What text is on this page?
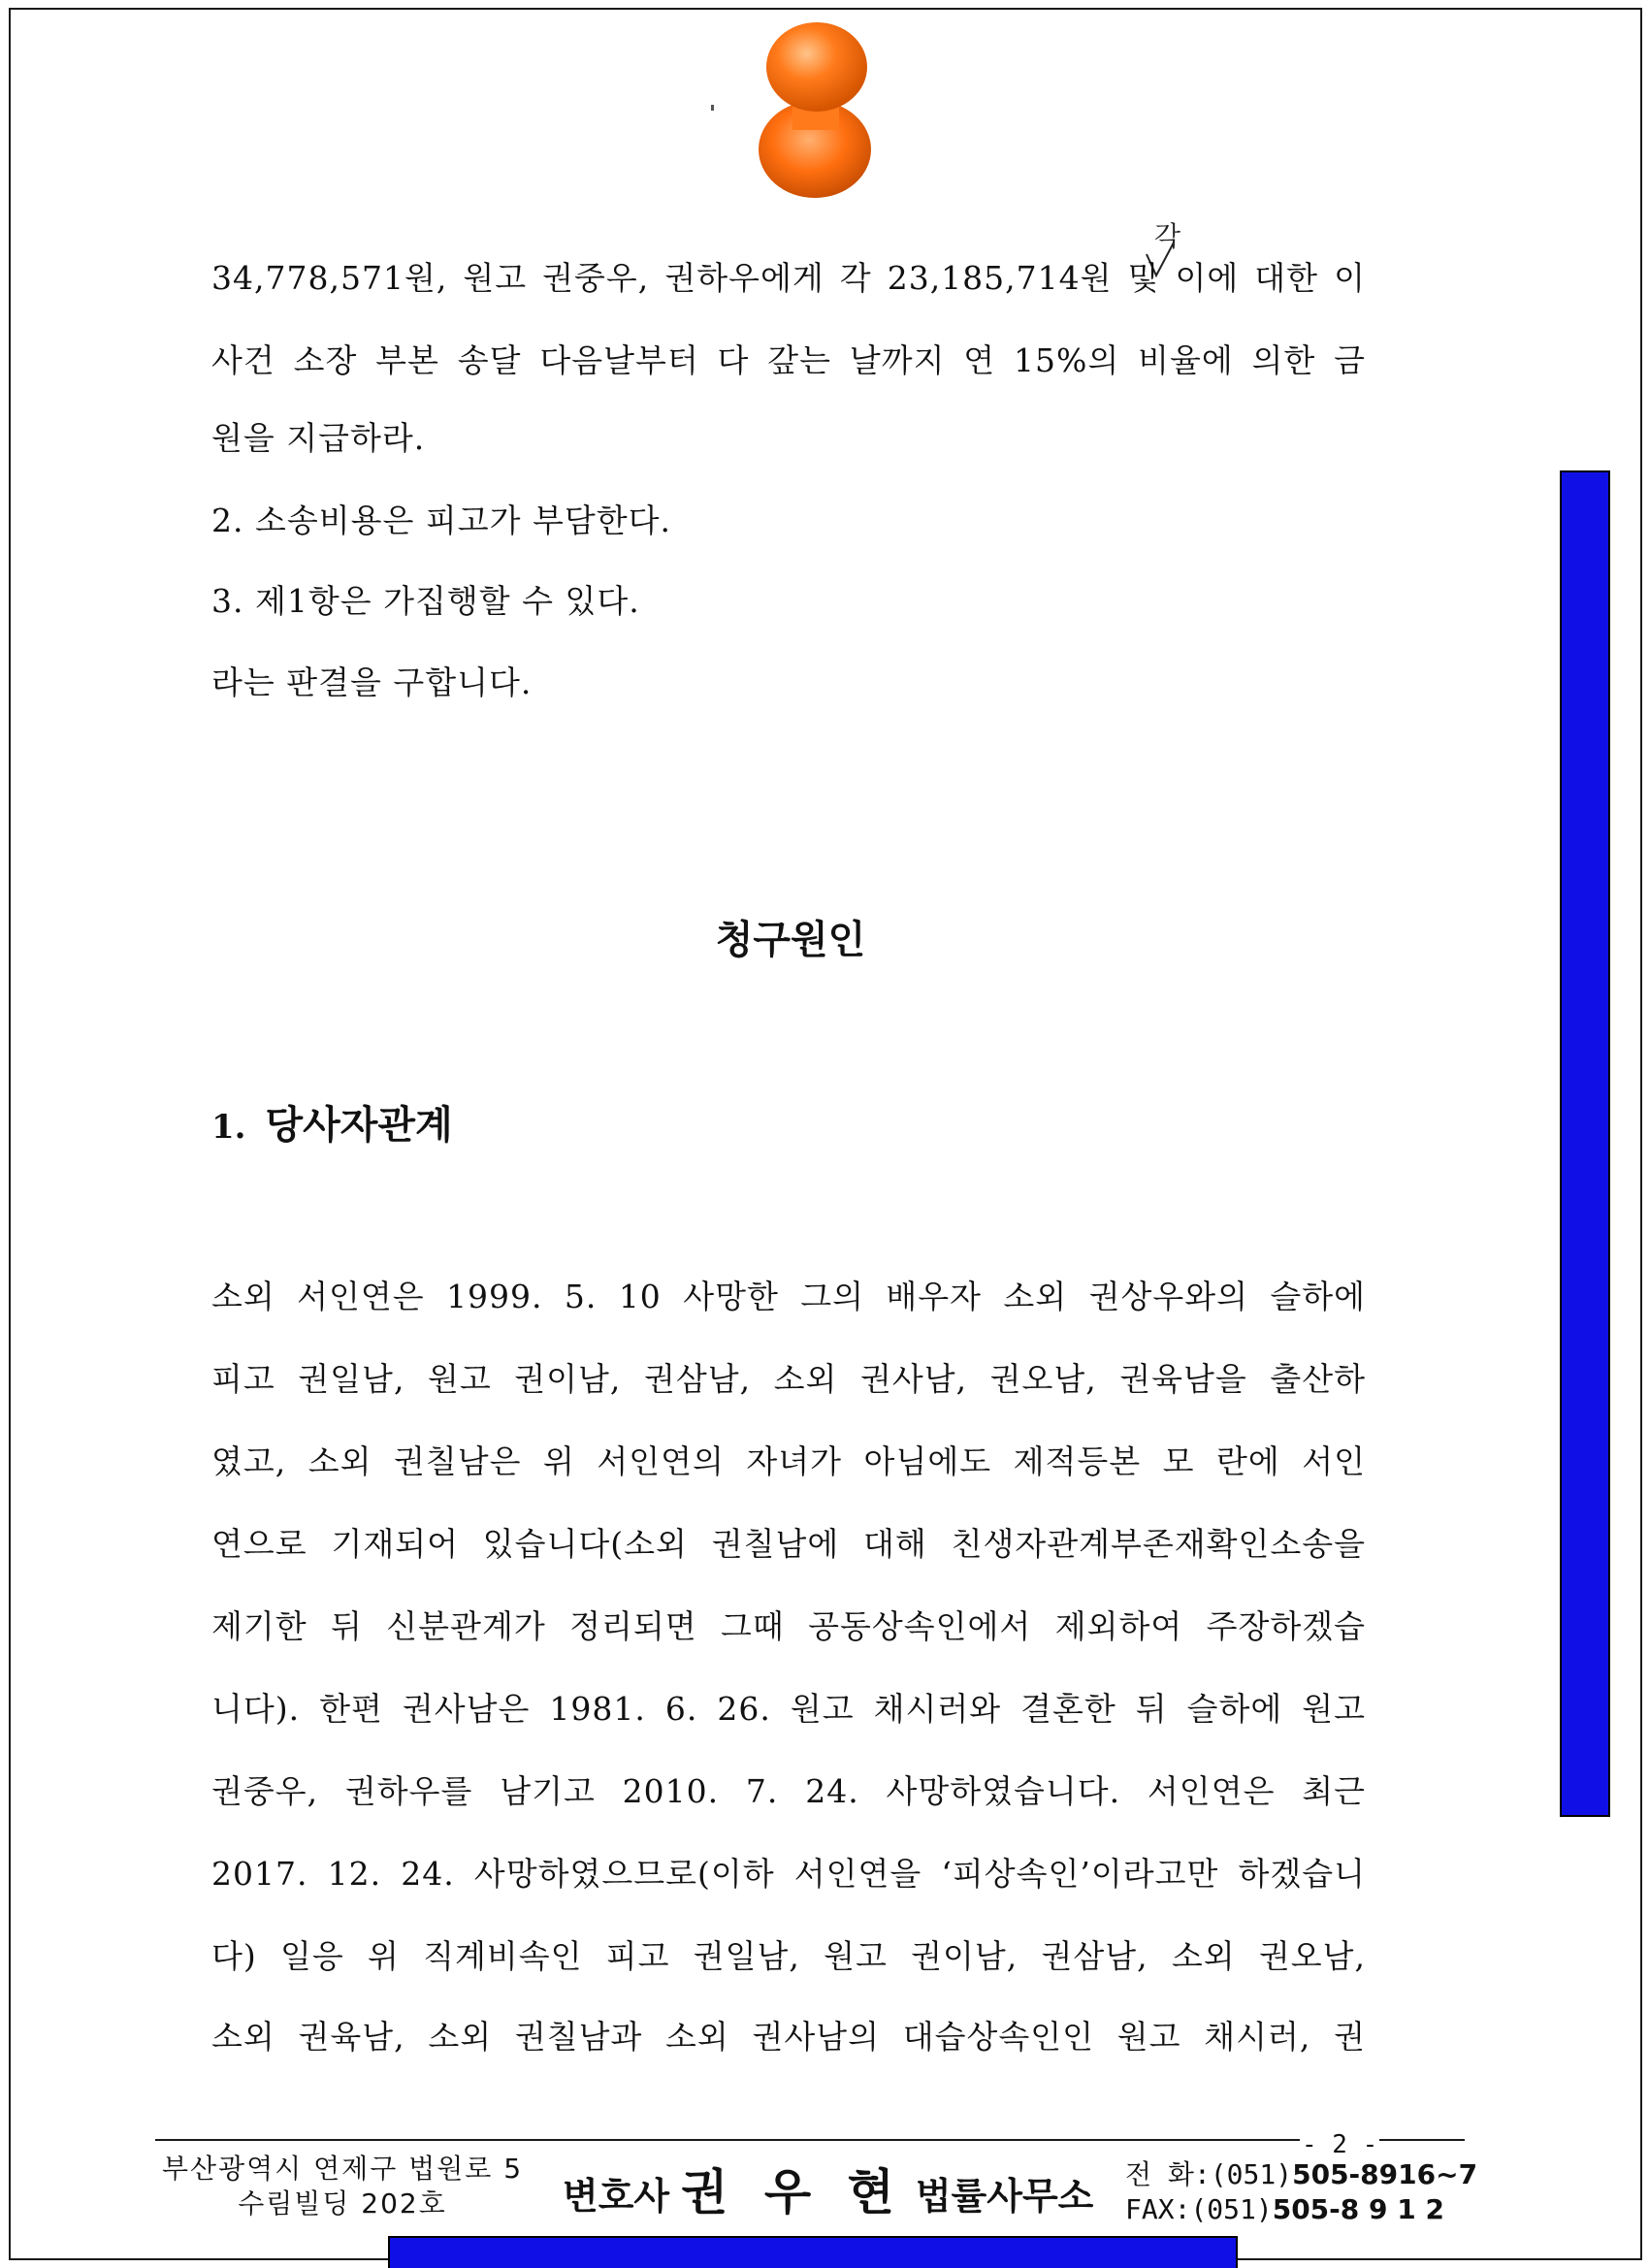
각
34,778,571원, 원고 권중우, 권하우에게 각 23,185,714원 및 이에 대한 이
사건 소장 부본 송달 다음날부터 다 갚는 날까지 연 15%의 비율에 의한 금
원을 지급하라.
2. 소송비용은 피고가 부담한다.
3. 제1항은 가집행할 수 있다.
라는 판결을 구합니다.
청구원인
1. 당사자관계
소외 서인연은 1999. 5. 10 사망한 그의 배우자 소외 권상우와의 슬하에
피고 권일남, 원고 권이남, 권삼남, 소외 권사남, 권오남, 권육남을 출산하
였고, 소외 권칠남은 위 서인연의 자녀가 아님에도 제적등본 모 란에 서인
연으로 기재되어 있습니다(소외 권칠남에 대해 친생자관계부존재확인소송을
제기한 뒤 신분관계가 정리되면 그때 공동상속인에서 제외하여 주장하겠습
니다). 한편 권사남은 1981. 6. 26. 원고 채시러와 결혼한 뒤 슬하에 원고
권중우, 권하우를 남기고 2010. 7. 24. 사망하였습니다. 서인연은 최근
2017. 12. 24. 사망하였으므로(이하 서인연을 ‘피상속인’이라고만 하겠습니
다) 일응 위 직계비속인 피고 권일남, 원고 권이남, 권삼남, 소외 권오남,
소외 권육남, 소외 권칠남과 소외 권사남의 대습상속인인 원고 채시러, 권
- 2 -
부산광역시 연제구 법원로 5
수림빌딩 202호	변호사 권 우 현 법률사무소
전 화:(051)505-8916~7
FAX:(051)505-8 9 1 2
